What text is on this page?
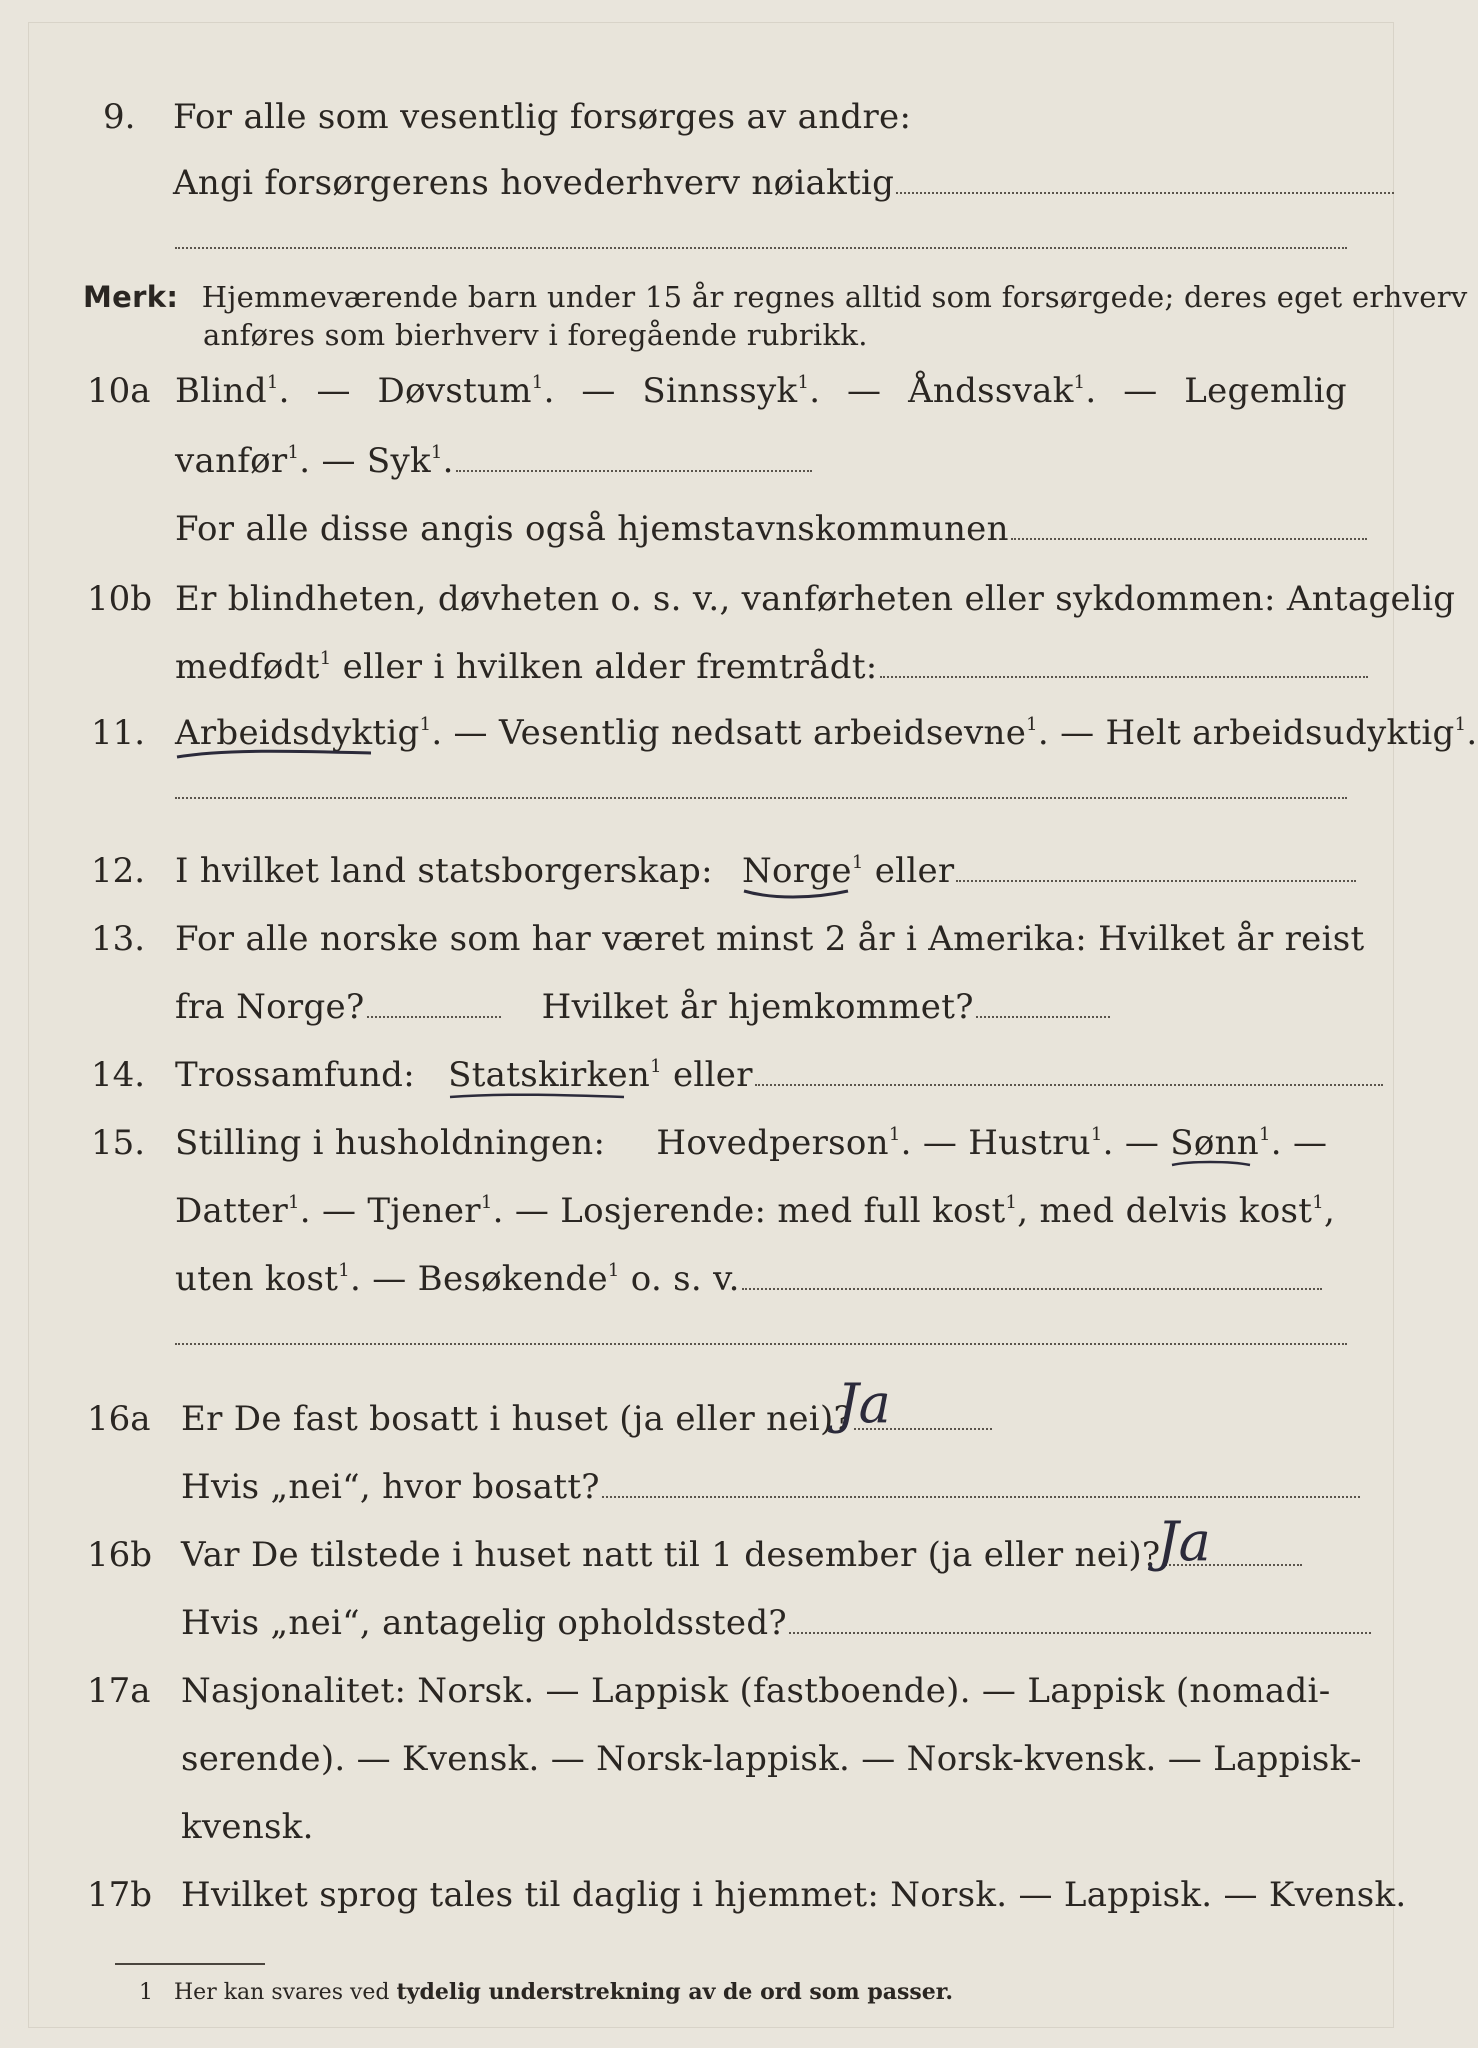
9. For alle som vesentlig forsørges av andre:
Angi forsørgerens hovederhverv nøiaktig
Merk: Hjemmeværende barn under 15 år regnes alltid som forsørgede; deres eget erhverv
anføres som bierhverv i foregående rubrikk.
10a Blind$^1$. — Døvstum$^1$. — Sinnssyk$^1$. — Åndssvak$^1$. — Legemlig
vanfør$^1$. — Syk$^1$.
For alle disse angis også hjemstavnskommunen
10b Er blindheten, døvheten o. s. v., vanførheten eller sykdommen: Antagelig
medfødt$^1$ eller i hvilken alder fremtrådt:
11. Arbeidsdyktig
$^1$. — Vesentlig nedsatt arbeidsevne$^1$. — Helt arbeidsudyktig$^1$.
12. I hvilket land statsborgerskap: Norge
$^1$ eller
13. For alle norske som har været minst 2 år i Amerika: Hvilket år reist
fra Norge?	Hvilket år hjemkommet?
14. Trossamfund: Statskirken
$^1$ eller
15. Stilling i husholdningen: Hovedperson$^1$. — Hustru$^1$. — Sønn
$^1$. —
Datter$^1$. — Tjener$^1$. — Losjerende: med full kost$^1$, med delvis kost$^1$,
uten kost$^1$. — Besøkende$^1$ o. s. v.
16a Er De fast bosatt i huset (ja eller nei)?
Ja
Hvis „nei“, hvor bosatt?
16b Var De tilstede i huset natt til 1 desember (ja eller nei)?
Ja
Hvis „nei“, antagelig opholdssted?
17a Nasjonalitet: Norsk. — Lappisk (fastboende). — Lappisk (nomadi-
serende). — Kvensk. — Norsk-lappisk. — Norsk-kvensk. — Lappisk-
kvensk.
17b Hvilket sprog tales til daglig i hjemmet: Norsk. — Lappisk. — Kvensk.
1 Her kan svares ved tydelig understrekning av de ord som passer.
